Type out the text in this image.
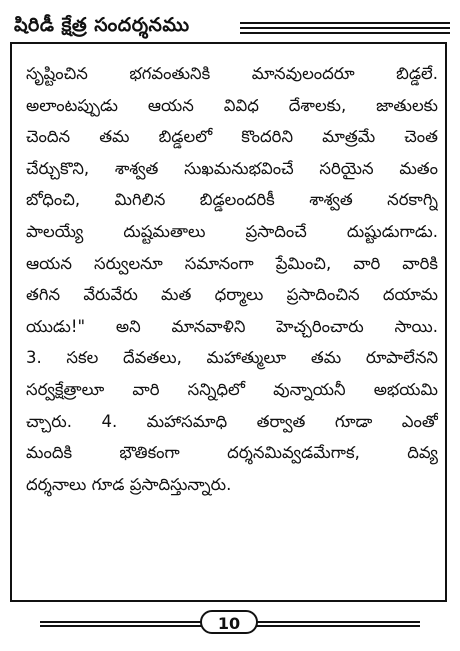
షిరిడీ క్షేత్ర సందర్శనము
సృష్టించిన భగవంతునికి మానవులందరూ బిడ్డలే.
అలాంటప్పుడు ఆయన వివిధ దేశాలకు, జాతులకు
చెందిన తమ బిడ్డలలో కొందరిని మాత్రమే చెంత
చేర్చుకొని, శాశ్వత సుఖమనుభవించే సరియైన మతం
బోధించి, మిగిలిన బిడ్డలందరికీ శాశ్వత నరకాగ్ని
పాలయ్యే దుష్టమతాలు ప్రసాదించే దుష్టుడుగాడు.
ఆయన సర్వులనూ సమానంగా ప్రేమించి, వారి వారికి
తగిన వేరువేరు మత ధర్మాలు ప్రసాదించిన దయామ
యుడు!" అని మానవాళిని హెచ్చరించారు సాయి.
3. సకల దేవతలు, మహాత్ములూ తమ రూపాలేనని
సర్వక్షేత్రాలూ వారి సన్నిధిలో వున్నాయనీ అభయమి
చ్చారు. 4. మహాసమాధి తర్వాత గూడా ఎంతో
మందికి భౌతికంగా దర్శనమివ్వడమేగాక, దివ్య
దర్శనాలు గూడ ప్రసాదిస్తున్నారు.
10
